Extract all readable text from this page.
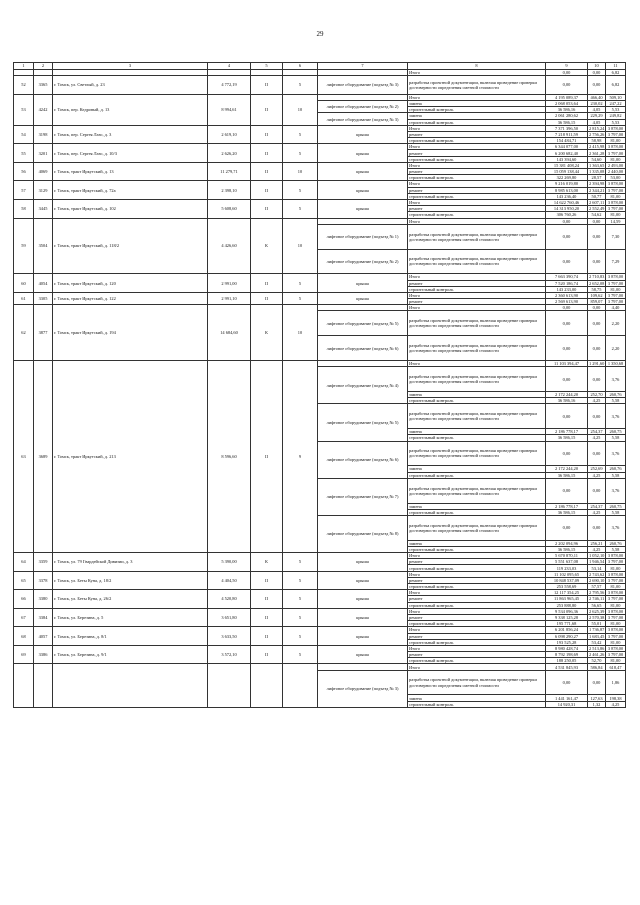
29
1	2	3	4	5	6	7	8	9	10	11
							Итого	0,00	0,00	6,82
52	3365	г. Томск, ул. Светлый, д. 23	4 772,19	II	5	лифтовое оборудование (подъезд № 3)	разработка проектной документации, включая проведение проверки достоверности определения сметной стоимости	0,00	0,00	6,82
53	4242	г. Томск, пер. Кедровый, д. 13	8 994,61	II	10		Итого	4 195 089,37	466,40	509,10
						лифтовое оборудование (подъезд № 2)	замена	2 068 053,64	230,02	247,22
							строительный контроль	36 586,16	4,05	5,53
						лифтовое оборудование (подъезд № 3)	замена	2 061 280,62	229,29	249,82
							строительный контроль	36 586,15	4,05	5,53
54	3198	г. Томск, пер. Сергея Лазо, д. 3	2 619,10	II	5	крыша	Итого	7 371 396,50	2 815,24	3 878,00
							ремонт	7 218 911,59	2 756,26	3 797,00
							строительный контроль	154 484,71	58,98	81,00
55	3201	г. Томск, пер. Сергея Лазо, д. 10/3	2 626,20	II	5	крыша	Итого	6 344 077,00	2 415,98	3 878,00
							ремонт	6 200 682,40	2 361,28	3 797,00
							строительный контроль	143 394,60	54,60	81,00
56	4069	г. Томск, тракт Иркутский, д. 13	11 279,71	II	10	крыша	Итого	15 381 408,24	1 363,65	2 493,00
							ремонт	15 059 138,44	1 335,08	2 440,00
							строительный контроль	322 269,80	28,57	53,00
57	3129	г. Томск, тракт Иркутский, д. 72а	2 398,10	II	5	крыша	Итого	9 216 019,80	2 394,98	3 878,00
							ремонт	8 985 613,00	2 344,21	3 797,00
							строительный контроль	143 236,40	50,77	81,00
58	3445	г. Томск, тракт Иркутский, д. 102	5 608,60	II	5	крыша	Итого	14 622 760,46	2 607,11	3 878,00
							ремонт	14 313 950,20	2 552,49	3 797,00
							строительный контроль	306 760,26	54,62	81,00
59	3504	г. Томск, тракт Иркутский, д. 118/2	4 426,60	К	10		Итого	0,00	0,00	14,59
						лифтовое оборудование (подъезд № 1)	разработка проектной документации, включая проведение проверки достоверности определения сметной стоимости	0,00	0,00	7,30
						лифтовое оборудование (подъезд № 2)	разработка проектной документации, включая проведение проверки достоверности определения сметной стоимости	0,00	0,00	7,29
60	4054	г. Томск, тракт Иркутский, д. 120	2 991,00	II	5	крыша	Итого	7 663 390,74	2 710,83	3 878,00
							ремонт	7 520 186,74	2 652,08	3 797,00
							строительный контроль	143 233,00	58,75	81,00
61	3305	г. Томск, тракт Иркутский, д. 122	2 991,10	II	5	крыша	Итого	2 360 613,90	109,62	3 797,00
							ремонт	2 569 613,90	859,07	3 797,00
62	3877	г. Томск, тракт Иркутский, д. 194	14 684,60	К	10		Итого	0,00	0,00	4,40
						лифтовое оборудование (подъезд № 5)	разработка проектной документации, включая проведение проверки достоверности определения сметной стоимости	0,00	0,00	2,20
						лифтовое оборудование (подъезд № 6)	разработка проектной документации, включая проведение проверки достоверности определения сметной стоимости	0,00	0,00	2,20
63	3689	г. Томск, тракт Иркутский, д. 213	8 596,60	II	9		Итого	11 103 394,47	1 291,60	1 350,68
						лифтовое оборудование (подъезд № 4)	разработка проектной документации, включая проведение проверки достоверности определения сметной стоимости	0,00	0,00	3,76
							замена	2 172 244,20	252,70	260,76
							строительный контроль	36 586,16	4,25	5,58
						лифтовое оборудование (подъезд № 5)	разработка проектной документации, включая проведение проверки достоверности определения сметной стоимости	0,00	0,00	3,76
							замена	2 186 778,17	254,37	260,75
							строительный контроль	36 586,15	4,25	5,58
						лифтовое оборудование (подъезд № 6)	разработка проектной документации, включая проведение проверки достоверности определения сметной стоимости	0,00	0,00	3,76
							замена	2 172 244,20	252,69	260,76
							строительный контроль	36 586,15	4,25	5,58
						лифтовое оборудование (подъезд № 7)	разработка проектной документации, включая проведение проверки достоверности определения сметной стоимости	0,00	0,00	3,76
							замена	2 186 778,17	254,37	260,75
							строительный контроль	36 586,15	4,25	5,58
						лифтовое оборудование (подъезд № 8)	разработка проектной документации, включая проведение проверки достоверности определения сметной стоимости	0,00	0,00	3,76
							замена	2 202 094,96	256,21	260,76
							строительный контроль	36 586,15	4,25	5,58
64	3359	г. Томск, ул. 79 Гвардейской Дивизии, д. 3	5 390,00	К	5	крыша	Итого	5 670 870,11	1 052,10	3 878,00
							ремонт	5 551 637,08	1 946,54	3 797,00
							строительный контроль	119 233,03	53,14	81,00
65	3378	г. Томск, ул. Беты Куна, д. 18/2	4 404,50	II	5	крыша	Итого	11 102 095,65	2 743,62	3 878,00
							ремонт	10 848 537,09	2 690,10	3 797,00
							строительный контроль	253 558,69	57,57	81,00
66	3380	г. Томск, ул. Беты Куна, д. 26/2	4 520,80	II	5	крыша	Итого	12 117 354,25	2 795,56	3 878,00
							ремонт	11 863 965,45	2 746,11	3 797,00
							строительный контроль	253 888,80	56,65	81,00
67	3384	г. Томск, ул. Березина, д. 5	3 651,80	II	5	крыша	Итого	9 534 096,36	2 625,39	3 878,00
							ремонт	9 338 125,28	2 570,38	3 797,00
							строительный контроль	195 771,68	55,01	81,00
68	4057	г. Томск, ул. Березина, д. 8/1	3 633,50	II	5	крыша	Итого	6 201 856,24	1 736,87	3 878,00
							ремонт	6 098 290,27	1 683,45	3 797,00
							строительный контроль	193 525,28	53,42	81,00
69	3386	г. Томск, ул. Березина, д. 9/1	3 572,10	II	5	крыша	Итого	8 980 428,74	2 513,86	3 878,00
							ремонт	8 792 198,69	2 461,26	3 797,00
							строительный контроль	188 250,05	52,70	81,00
							Итого	4 531 845,93	586,84	618,47
						лифтовое оборудование (подъезд № 3)	разработка проектной документации, включая проведение проверки достоверности определения сметной стоимости	0,00	0,00	1,86
							замена	1 441 161,47	127,63	198,38
							строительный контроль	14 920,31	1,32	4,25
